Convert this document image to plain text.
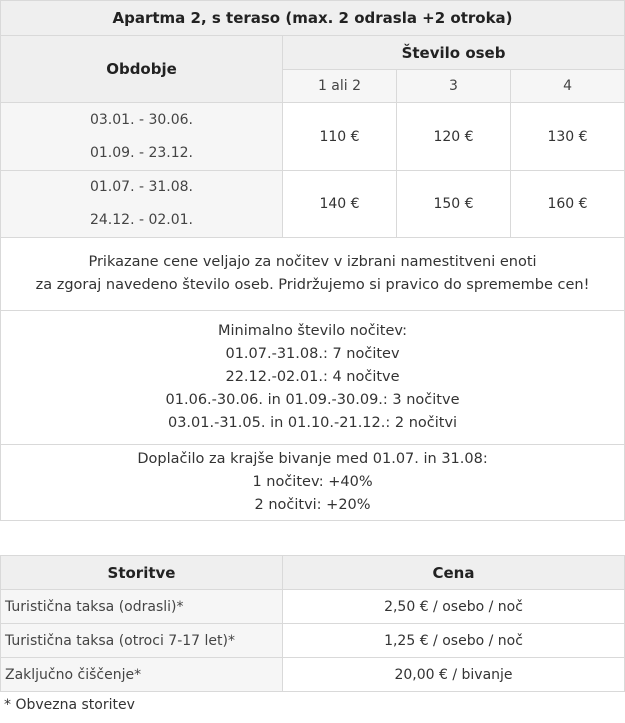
Apartma 2, s teraso (max. 2 odrasla +2 otroka)			
Obdobje	Število oseb		
	1 ali 2	3	4

03.01. - 30.06.
01.09. - 23.12.	110 €	120 €	130 €

01.07. - 31.08.
24.12. - 02.01.	140 €	150 €	160 €

Prikazane cene veljajo za nočitev v izbrani namestitveni enoti
za zgoraj navedeno število oseb. Pridržujemo si pravico do spremembe cen!			

Minimalno število nočitev:
01.07.-31.08.: 7 nočitev
22.12.-02.01.: 4 nočitve
01.06.-30.06. in 01.09.-30.09.: 3 nočitve
03.01.-31.05. in 01.10.-21.12.: 2 nočitvi			

Doplačilo za krajše bivanje med 01.07. in 31.08:
1 nočitev: +40%
2 nočitvi: +20%			
Storitve	Cena
Turistična taksa (odrasli)*	2,50 € / osebo / noč
Turistična taksa (otroci 7-17 let)*	1,25 € / osebo / noč
Zaključno čiščenje*	20,00 € / bivanje
* Obvezna storitev
